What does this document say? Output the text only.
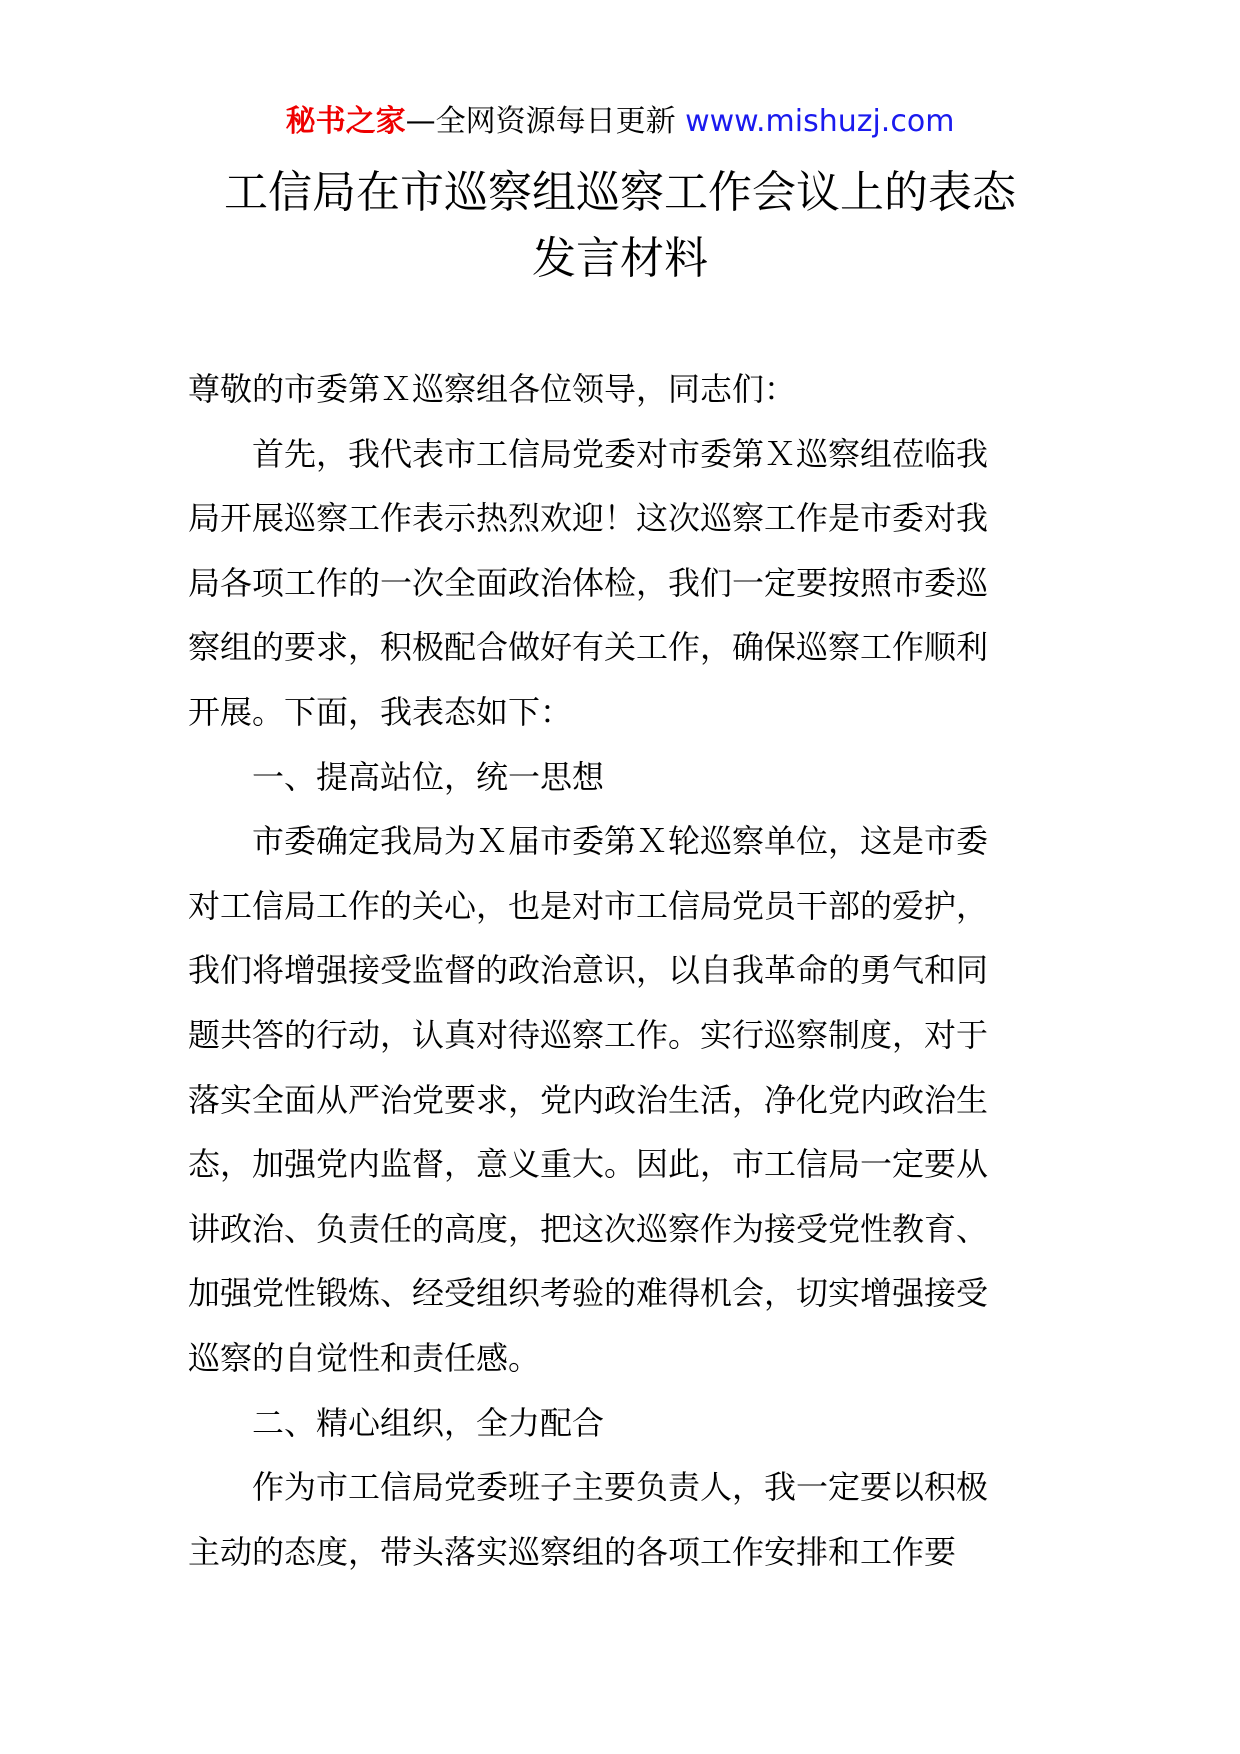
秘书之家—全网资源每日更新 www.mishuzj.com
工信局在市巡察组巡察工作会议上的表态
发言材料

尊敬的市委第Ｘ巡察组各位领导，同志们：

首先，我代表市工信局党委对市委第Ｘ巡察组莅临我

局开展巡察工作表示热烈欢迎！这次巡察工作是市委对我

局各项工作的一次全面政治体检，我们一定要按照市委巡

察组的要求，积极配合做好有关工作，确保巡察工作顺利

开展。下面，我表态如下：

一、提高站位，统一思想

市委确定我局为Ｘ届市委第Ｘ轮巡察单位，这是市委

对工信局工作的关心，也是对市工信局党员干部的爱护，

我们将增强接受监督的政治意识，以自我革命的勇气和同

题共答的行动，认真对待巡察工作。实行巡察制度，对于

落实全面从严治党要求，党内政治生活，净化党内政治生

态，加强党内监督，意义重大。因此，市工信局一定要从

讲政治、负责任的高度，把这次巡察作为接受党性教育、

加强党性锻炼、经受组织考验的难得机会，切实增强接受

巡察的自觉性和责任感。

二、精心组织，全力配合

作为市工信局党委班子主要负责人，我一定要以积极

主动的态度，带头落实巡察组的各项工作安排和工作要
